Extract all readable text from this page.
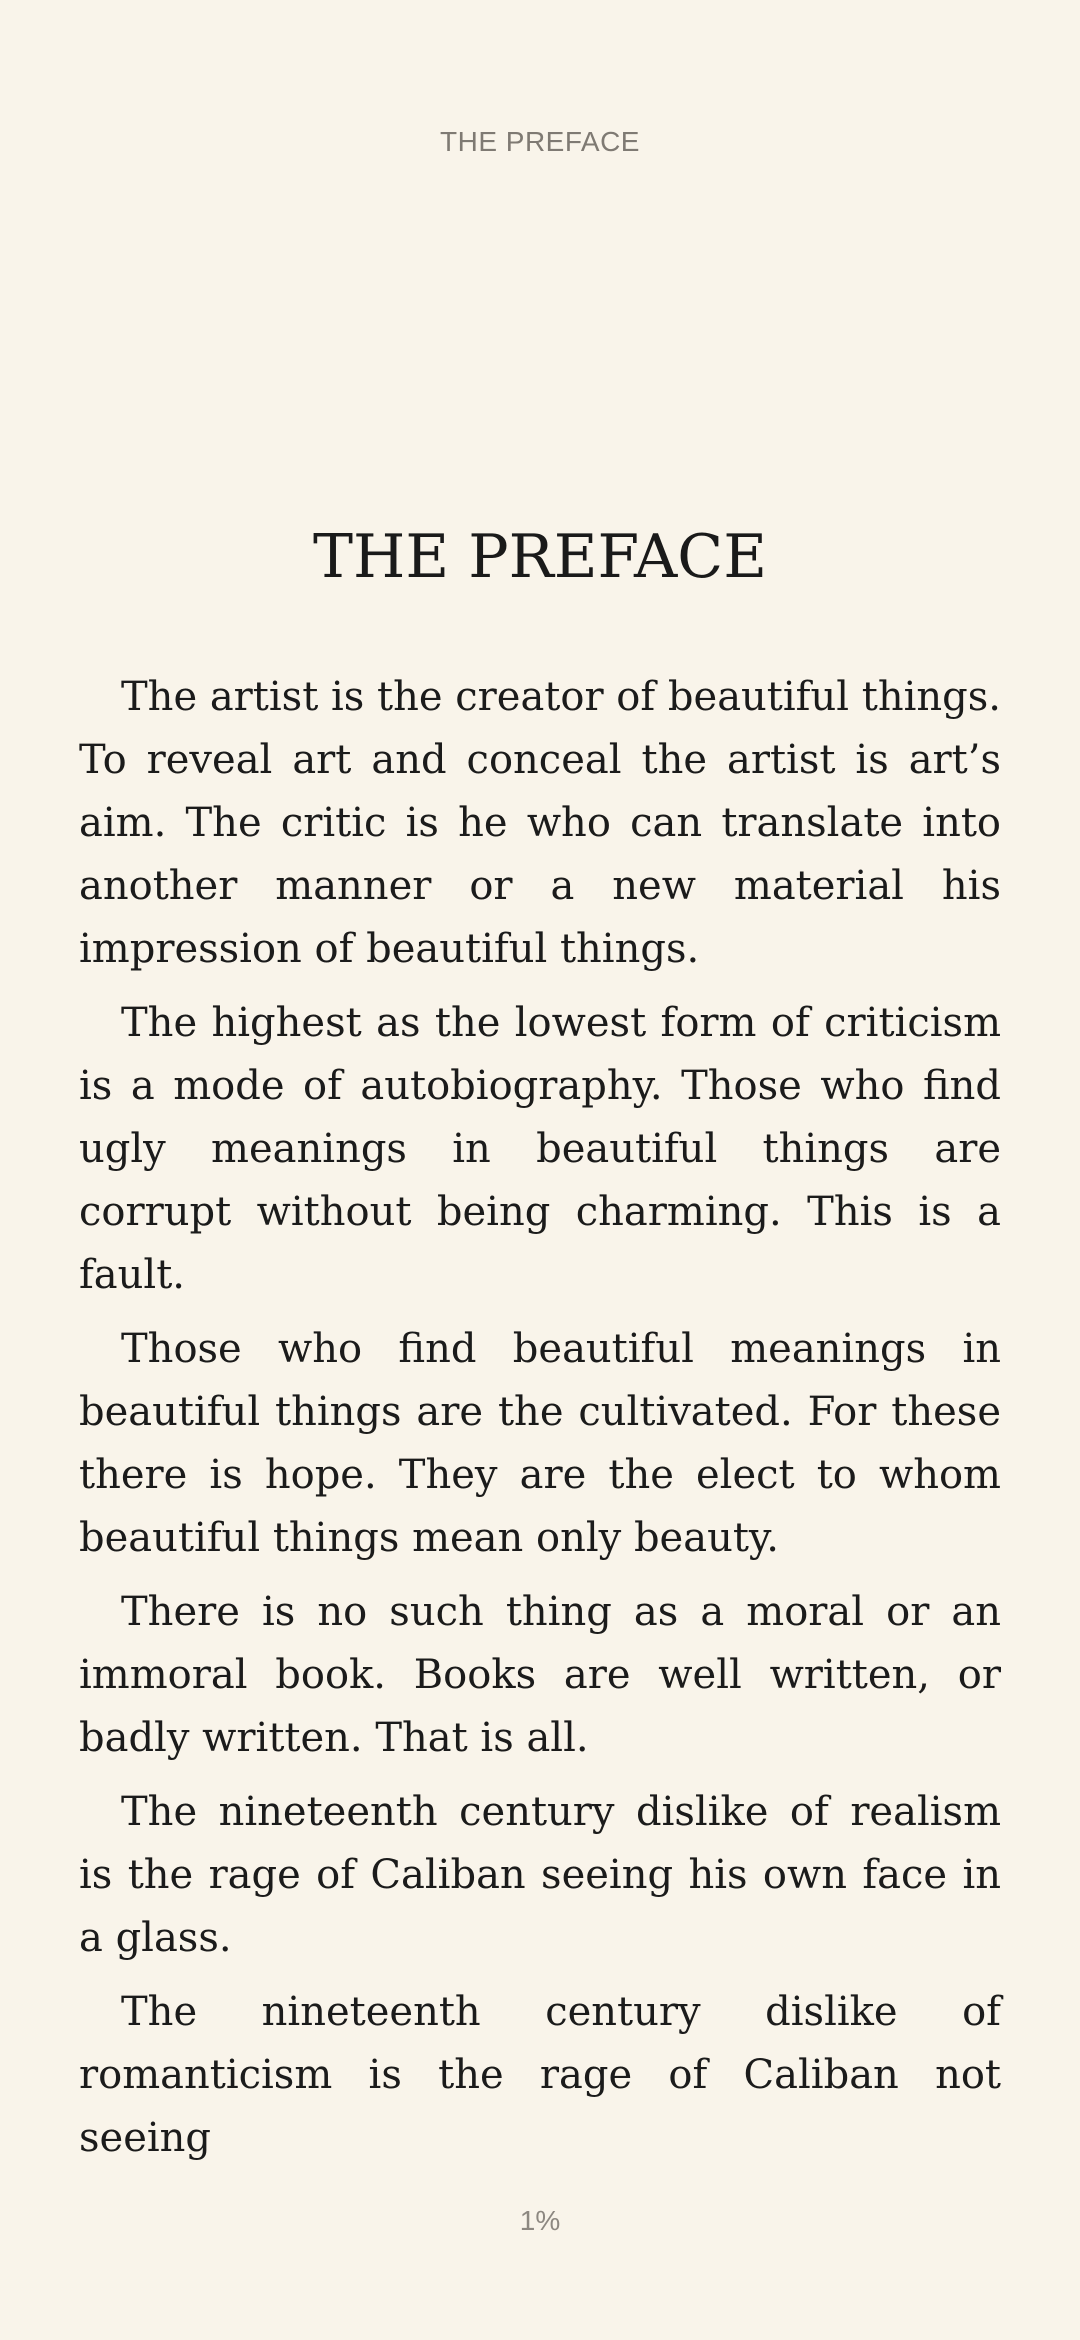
THE PREFACE
THE PREFACE

The artist is the creator of beautiful things. To reveal art and conceal the artist is art’s aim. The critic is he who can translate into another manner or a new material his impression of beautiful things.

The highest as the lowest form of criticism is a mode of autobiography. Those who find ugly meanings in beautiful things are corrupt without being charming. This is a fault.

Those who find beautiful meanings in beautiful things are the cultivated. For these there is hope. They are the elect to whom beautiful things mean only beauty.

There is no such thing as a moral or an immoral book. Books are well written, or badly written. That is all.

The nineteenth century dislike of realism is the rage of Caliban seeing his own face in a glass.

The nineteenth century dislike of romanticism is the rage of Caliban not seeing

1%
